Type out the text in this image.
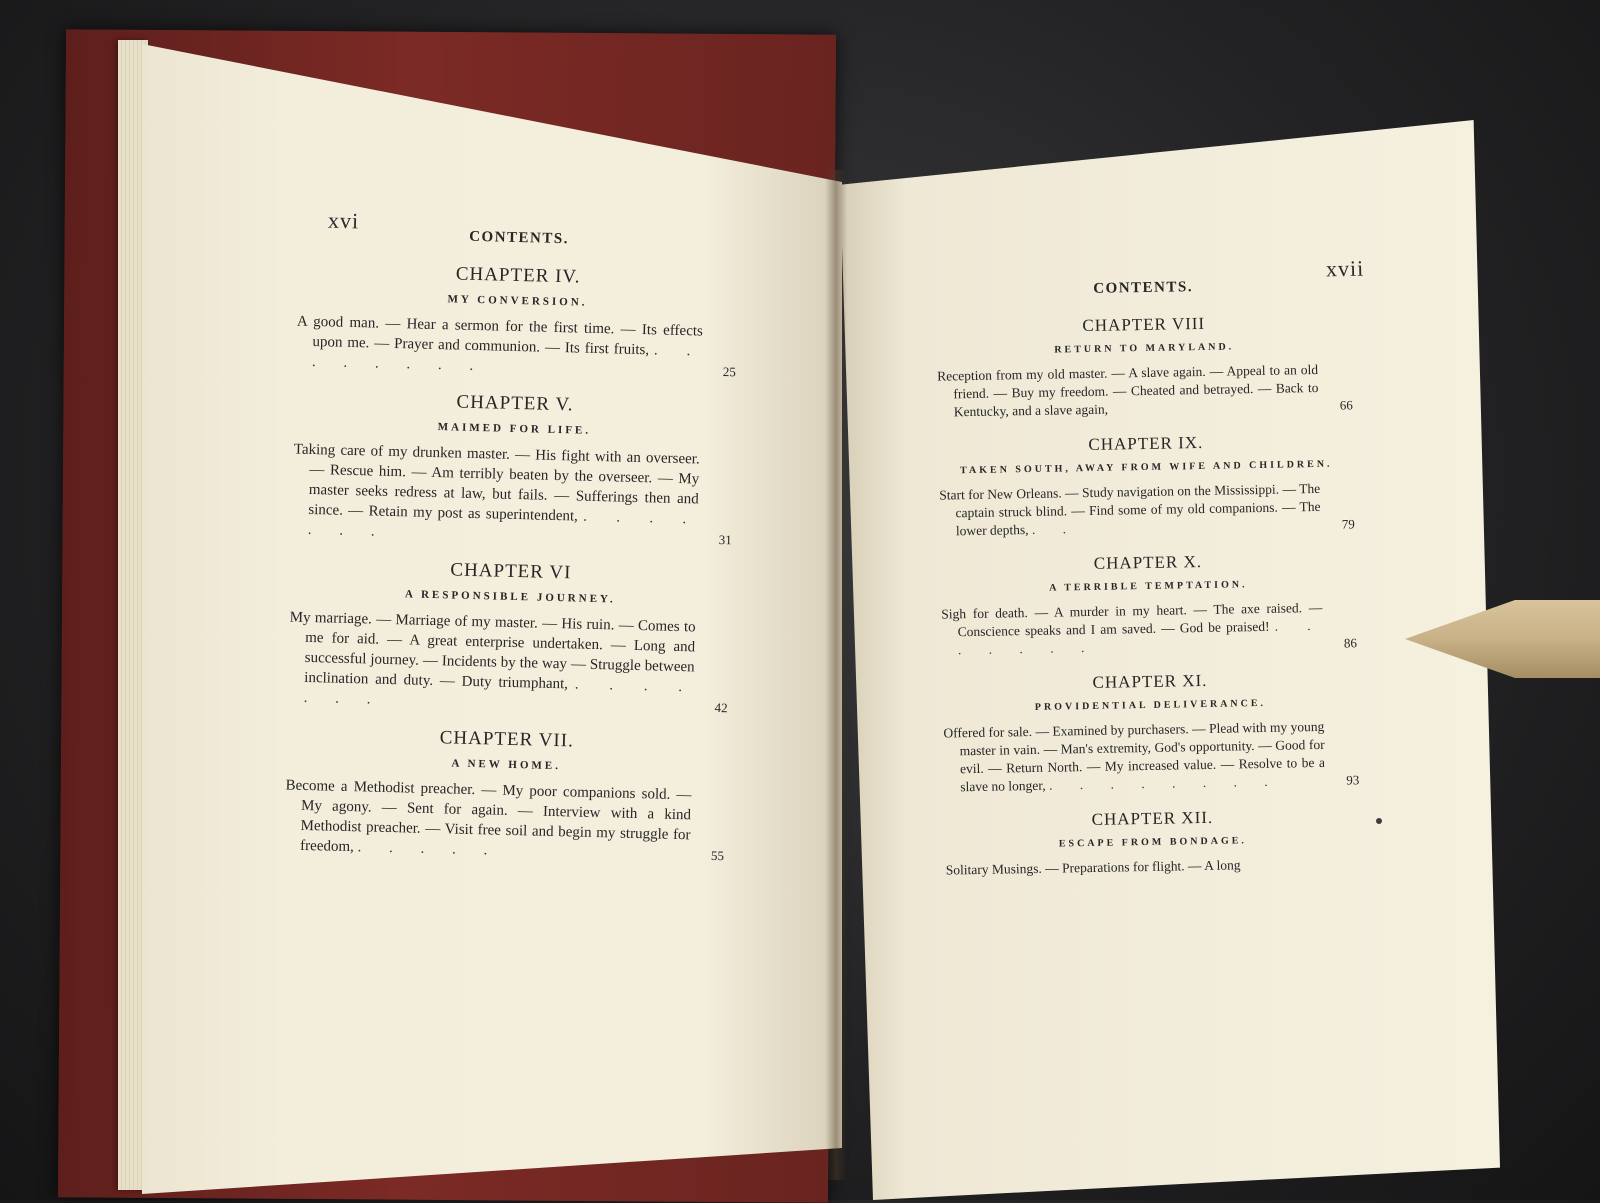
xvi
xvii
CONTENTS.
CHAPTER IV.
MY CONVERSION.
A good man. — Hear a sermon for the first time. — Its effects upon me. — Prayer and communion. — Its first fruits, . . . . . . . .	25
CHAPTER V.
MAIMED FOR LIFE.
Taking care of my drunken master. — His fight with an overseer. — Rescue him. — Am terribly beaten by the overseer. — My master seeks redress at law, but fails. — Sufferings then and since. — Retain my post as superintendent, . . . . . . .	31
CHAPTER VI
A RESPONSIBLE JOURNEY.
My marriage. — Marriage of my master. — His ruin. — Comes to me for aid. — A great enterprise undertaken. — Long and successful journey. — Incidents by the way — Struggle between inclination and duty. — Duty triumphant, . . . . . . .	42
CHAPTER VII.
A NEW HOME.
Become a Methodist preacher. — My poor companions sold. — My agony. — Sent for again. — Interview with a kind Methodist preacher. — Visit free soil and begin my struggle for freedom, . . . . .	55
CONTENTS.
CHAPTER VIII
RETURN TO MARYLAND.
Reception from my old master. — A slave again. — Appeal to an old friend. — Buy my freedom. — Cheated and betrayed. — Back to Kentucky, and a slave again,	66
CHAPTER IX.
TAKEN SOUTH, AWAY FROM WIFE AND CHILDREN.
Start for New Orleans. — Study navigation on the Mississippi. — The captain struck blind. — Find some of my old companions. — The lower depths, . .	79
CHAPTER X.
A TERRIBLE TEMPTATION.
Sigh for death. — A murder in my heart. — The axe raised. — Conscience speaks and I am saved. — God be praised! . . . . . . .	86
CHAPTER XI.
PROVIDENTIAL DELIVERANCE.
Offered for sale. — Examined by purchasers. — Plead with my young master in vain. — Man's extremity, God's opportunity. — Good for evil. — Return North. — My increased value. — Resolve to be a slave no longer, . . . . . . . .	93
CHAPTER XII.
ESCAPE FROM BONDAGE.
Solitary Musings. — Preparations for flight. — A long
